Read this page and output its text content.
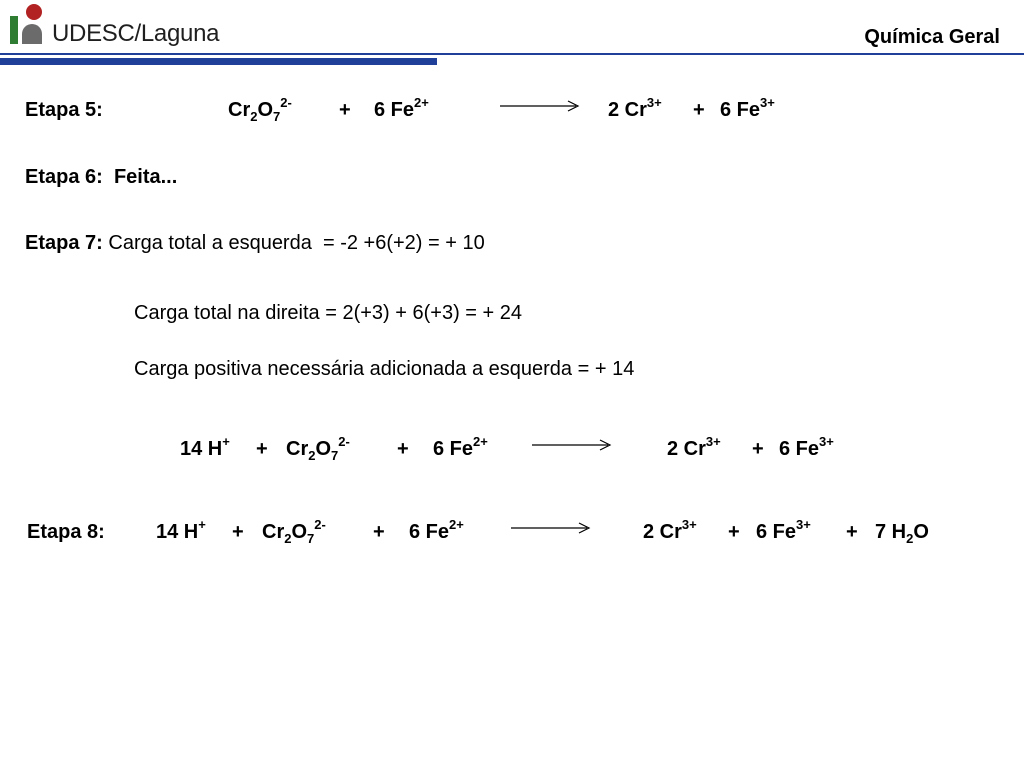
UDESC/Laguna	Química Geral
Etapa 5:	$Cr_2O_7^{2-} + 6$ $Fe^{2+}$	2 $Cr^{3+} + 6$ $Fe^{3+}$
Etapa 6: Feita...
Etapa 7: Carga total a esquerda  = -2 +6(+2) = + 10
Carga total na direita = 2(+3) + 6(+3) = + 24
Carga positiva necessária adicionada a esquerda = + 14
14 $H^+ + Cr_2O_7^{2-} + 6$ $Fe^{2+}$	2 $Cr^{3+} + 6$ $Fe^{3+}$
Etapa 8:	14 $H^+ + Cr_2O_7^{2-} + 6$ $Fe^{2+}$	2 $Cr^{3+} + 6$ $Fe^{3+} + 7$ $H_2O$
